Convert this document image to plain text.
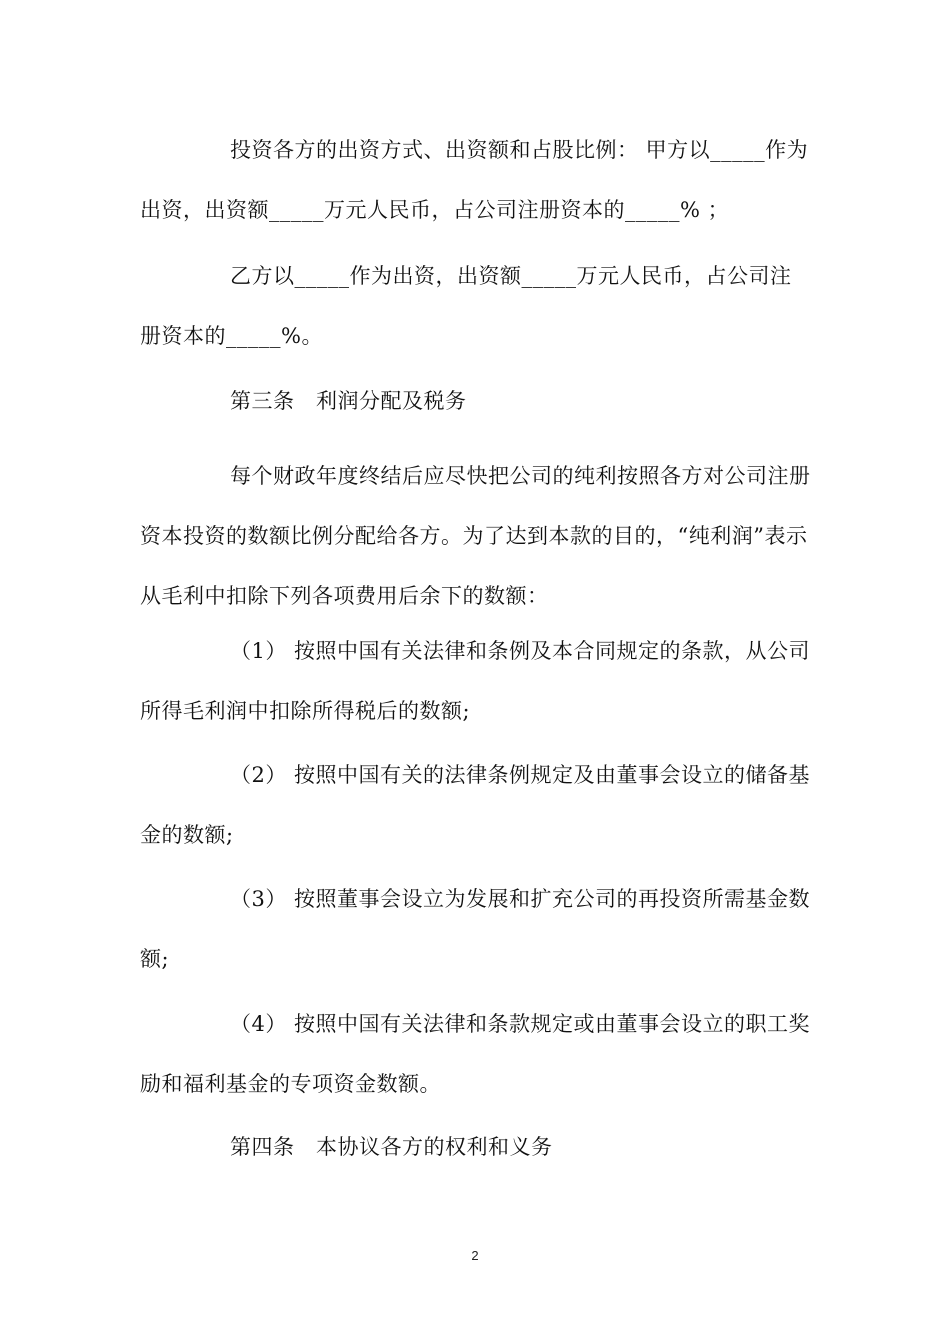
投资各方的出资方式、出资额和占股比例： 甲方以_____作为出资，出资额_____万元人民币，占公司注册资本的_____% ；

乙方以_____作为出资，出资额_____万元人民币，占公司注册资本的_____%。

第三条　利润分配及税务

每个财政年度终结后应尽快把公司的纯利按照各方对公司注册资本投资的数额比例分配给各方。为了达到本款的目的，“纯利润”表示从毛利中扣除下列各项费用后余下的数额：

（1） 按照中国有关法律和条例及本合同规定的条款，从公司所得毛利润中扣除所得税后的数额;

（2） 按照中国有关的法律条例规定及由董事会设立的储备基金的数额;

（3） 按照董事会设立为发展和扩充公司的再投资所需基金数额;

（4） 按照中国有关法律和条款规定或由董事会设立的职工奖励和福利基金的专项资金数额。

第四条　本协议各方的权利和义务

2
